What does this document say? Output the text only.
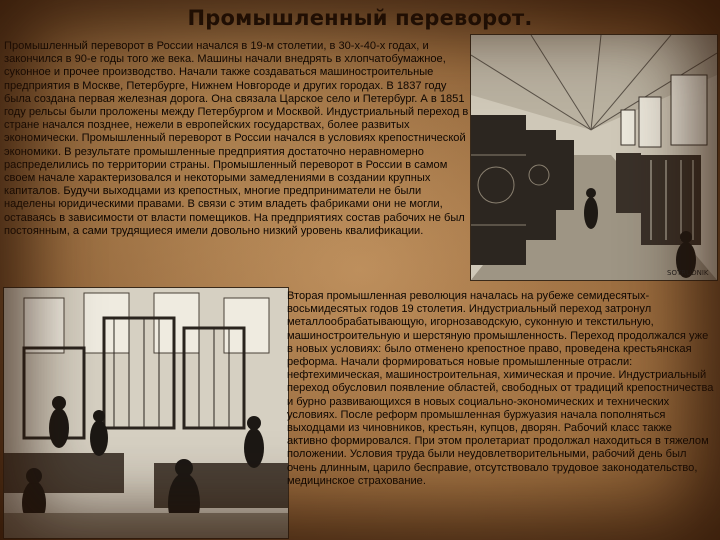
Промышленный переворот.
Промышленный переворот в России начался в 19-м столетии, в 30-х-40-х годах, и закончился в 90-е годы того же века. Машины начали внедрять в хлопчатобумажное, суконное и прочее производство. Начали также создаваться машиностроительные предприятия в Москве, Петербурге, Нижнем Новгороде и других городах. В 1837 году была создана первая железная дорога. Она связала Царское село и Петербург. А в 1851 году рельсы были проложены между Петербургом и Москвой. Индустриальный переход в стране начался позднее, нежели в европейских государствах, более развитых экономически. Промышленный переворот в России начался в условиях крепостнической экономики. В результате промышленные предприятия достаточно неравномерно распределились по территории страны. Промышленный переворот в России в самом своем начале характеризовался и некоторыми замедлениями в создании крупных капиталов. Будучи выходцами из крепостных, многие предприниматели не были наделены юридическими правами. В связи с этим владеть фабриками они не могли, оставаясь в зависимости от власти помещиков. На предприятиях состав рабочих не был постоянным, а сами трудящиеся имели довольно низкий уровень квалификации.
SOTRUDNIK
Вторая промышленная революция началась на рубеже семидесятых-восьмидесятых годов 19 столетия. Индустриальный переход затронул металлообрабатывающую, игорнозаводскую, суконную и текстильную, машиностроительную и шерстяную промышленность. Переход продолжался уже в новых условиях: было отменено крепостное право, проведена крестьянская реформа. Начали формироваться новые промышленные отрасли: нефтехимическая, машиностроительная, химическая и прочие. Индустриальный переход обусловил появление областей, свободных от традиций крепостничества и бурно развивающихся в новых социально-экономических и технических условиях. После реформ промышленная буржуазия начала пополняться выходцами из чиновников, крестьян, купцов, дворян. Рабочий класс также активно формировался. При этом пролетариат продолжал находиться в тяжелом положении. Условия труда были неудовлетворительными, рабочий день был очень длинным, царило бесправие, отсутствовало трудовое законодательство, медицинское страхование.
